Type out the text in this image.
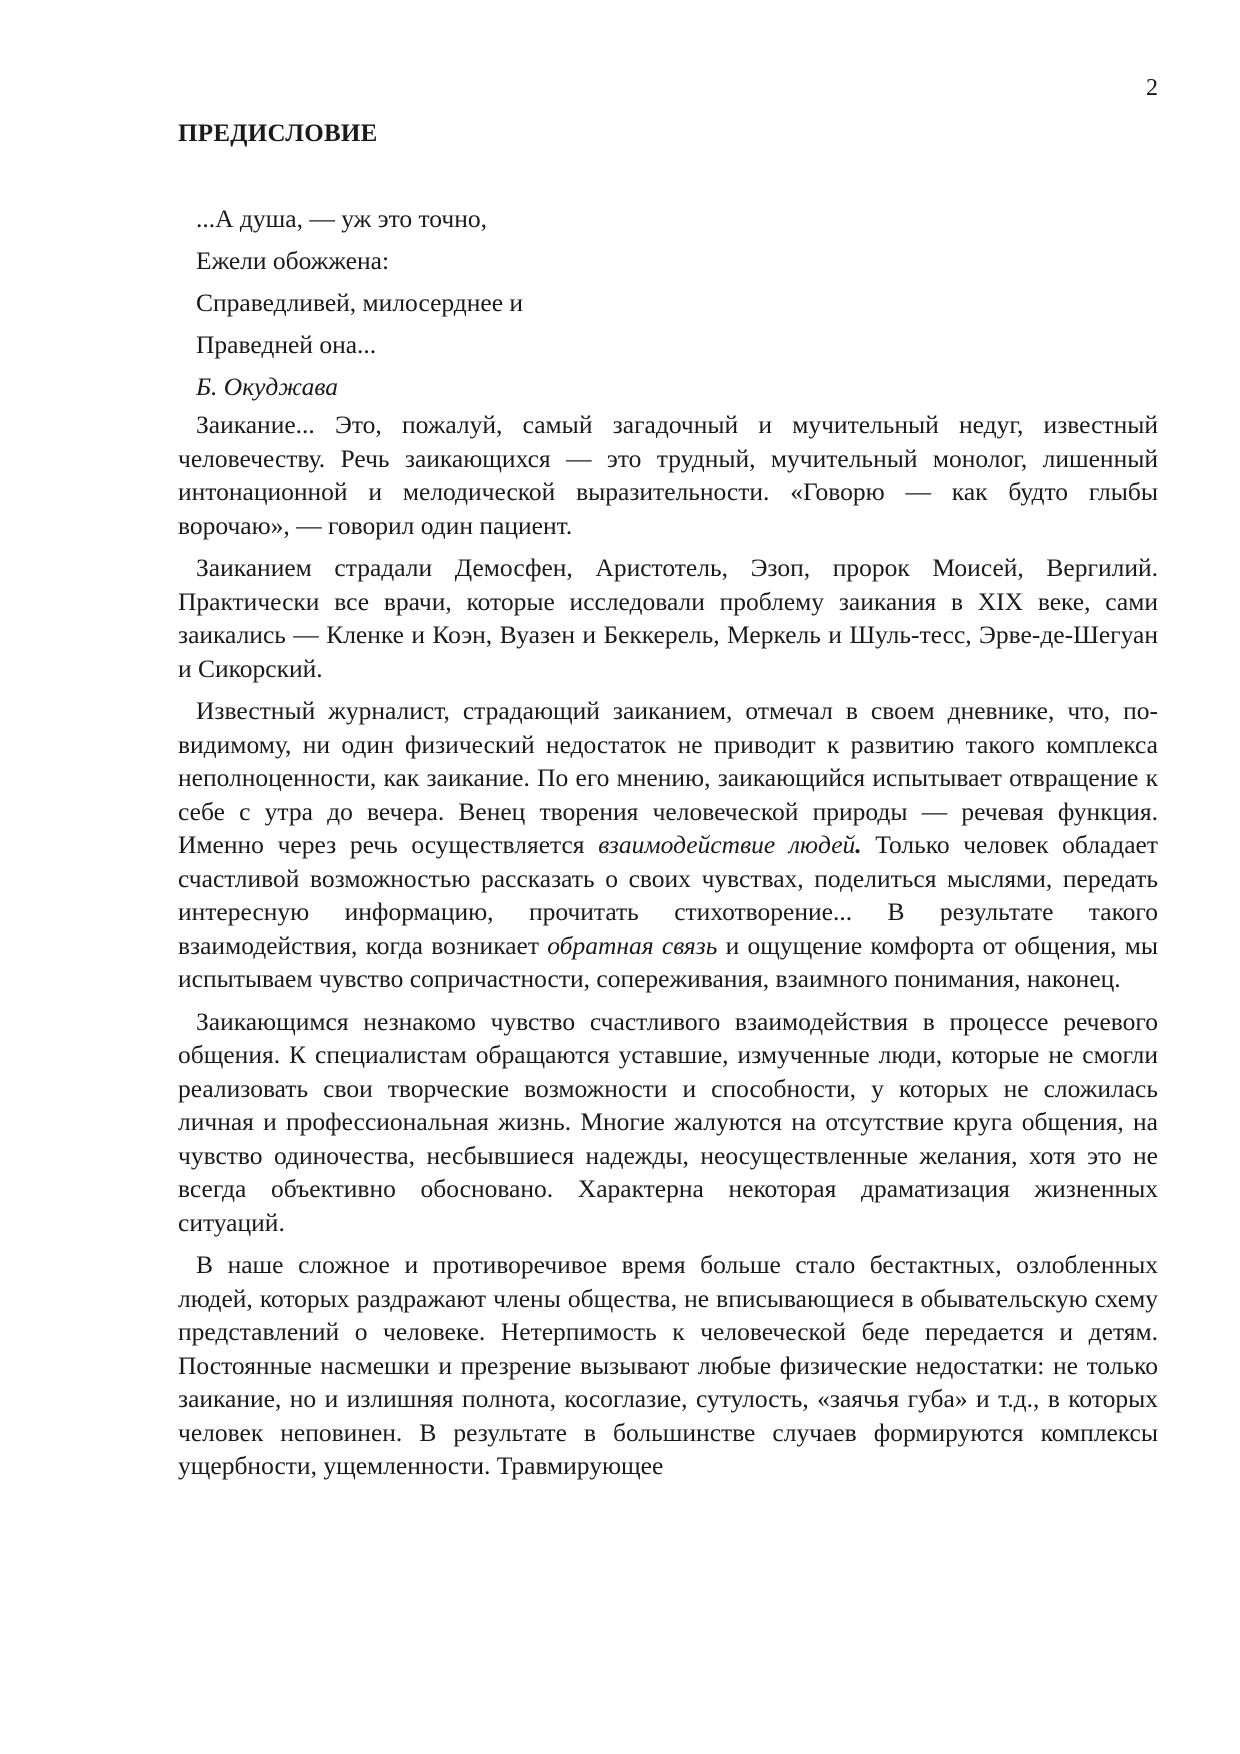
2
ПРЕДИСЛОВИЕ
...А душа, — уж это точно,
Ежели обожжена:
Справедливей, милосерднее и
Праведней она...
Б. Окуджава

Заикание... Это, пожалуй, самый загадочный и мучительный недуг, известный человечеству. Речь заикающихся — это трудный, мучительный монолог, лишенный интонационной и мелодической выразительности. «Говорю — как будто глыбы ворочаю», — говорил один пациент.

Заиканием страдали Демосфен, Аристотель, Эзоп, пророк Моисей, Вергилий. Практически все врачи, которые исследовали проблему заикания в XIX веке, сами заикались — Кленке и Коэн, Вуазен и Беккерель, Меркель и Шуль-тесс, Эрве-де-Шегуан и Сикорский.

Известный журналист, страдающий заиканием, отмечал в своем дневнике, что, по-видимому, ни один физический недостаток не приводит к развитию такого комплекса неполноценности, как заикание. По его мнению, заикающийся испытывает отвращение к себе с утра до вечера. Венец творения человеческой природы — речевая функция. Именно через речь осуществляется взаимодействие людей. Только человек обладает счастливой возможностью рассказать о своих чувствах, поделиться мыслями, передать интересную информацию, прочитать стихотворение... В результате такого взаимодействия, когда возникает обратная связь и ощущение комфорта от общения, мы испытываем чувство сопричастности, сопереживания, взаимного понимания, наконец.

Заикающимся незнакомо чувство счастливого взаимодействия в процессе речевого общения. К специалистам обращаются уставшие, измученные люди, которые не смогли реализовать свои творческие возможности и способности, у которых не сложилась личная и профессиональная жизнь. Многие жалуются на отсутствие круга общения, на чувство одиночества, несбывшиеся надежды, неосуществленные желания, хотя это не всегда объективно обосновано. Характерна некоторая драматизация жизненных ситуаций.

В наше сложное и противоречивое время больше стало бестактных, озлобленных людей, которых раздражают члены общества, не вписывающиеся в обывательскую схему представлений о человеке. Нетерпимость к человеческой беде передается и детям. Постоянные насмешки и презрение вызывают любые физические недостатки: не только заикание, но и излишняя полнота, косоглазие, сутулость, «заячья губа» и т.д., в которых человек неповинен. В результате в большинстве случаев формируются комплексы ущербности, ущемленности. Травмирующее
